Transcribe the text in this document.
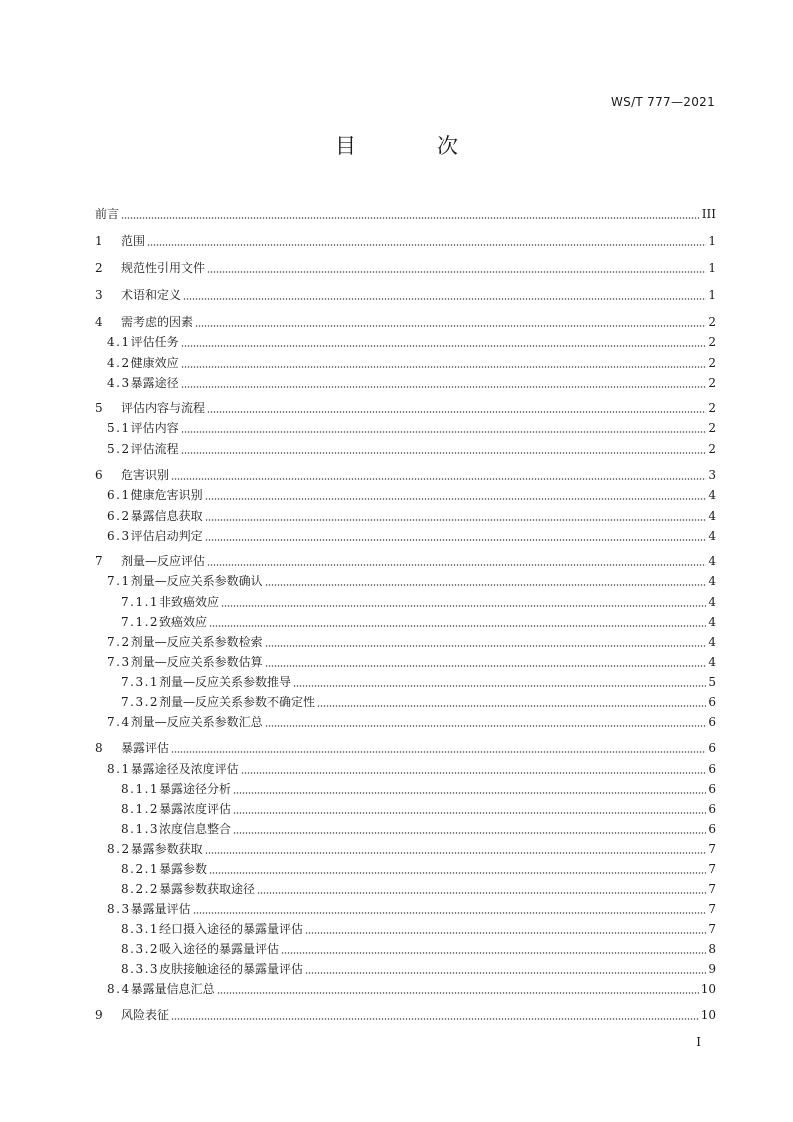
WS/T 777—2021
目　次
前言	III
1	范围	1
2	规范性引用文件	1
3	术语和定义	1
4	需考虑的因素	2
4.1 评估任务	2
4.2 健康效应	2
4.3 暴露途径	2
5	评估内容与流程	2
5.1 评估内容	2
5.2 评估流程	2
6	危害识别	3
6.1 健康危害识别	4
6.2 暴露信息获取	4
6.3 评估启动判定	4
7	剂量—反应评估	4
7.1 剂量—反应关系参数确认	4
7.1.1 非致癌效应	4
7.1.2 致癌效应	4
7.2 剂量—反应关系参数检索	4
7.3 剂量—反应关系参数估算	4
7.3.1 剂量—反应关系参数推导	5
7.3.2 剂量—反应关系参数不确定性	6
7.4 剂量—反应关系参数汇总	6
8	暴露评估	6
8.1 暴露途径及浓度评估	6
8.1.1 暴露途径分析	6
8.1.2 暴露浓度评估	6
8.1.3 浓度信息整合	6
8.2 暴露参数获取	7
8.2.1 暴露参数	7
8.2.2 暴露参数获取途径	7
8.3 暴露量评估	7
8.3.1 经口摄入途径的暴露量评估	7
8.3.2 吸入途径的暴露量评估	8
8.3.3 皮肤接触途径的暴露量评估	9
8.4 暴露量信息汇总	10
9	风险表征	10
I
